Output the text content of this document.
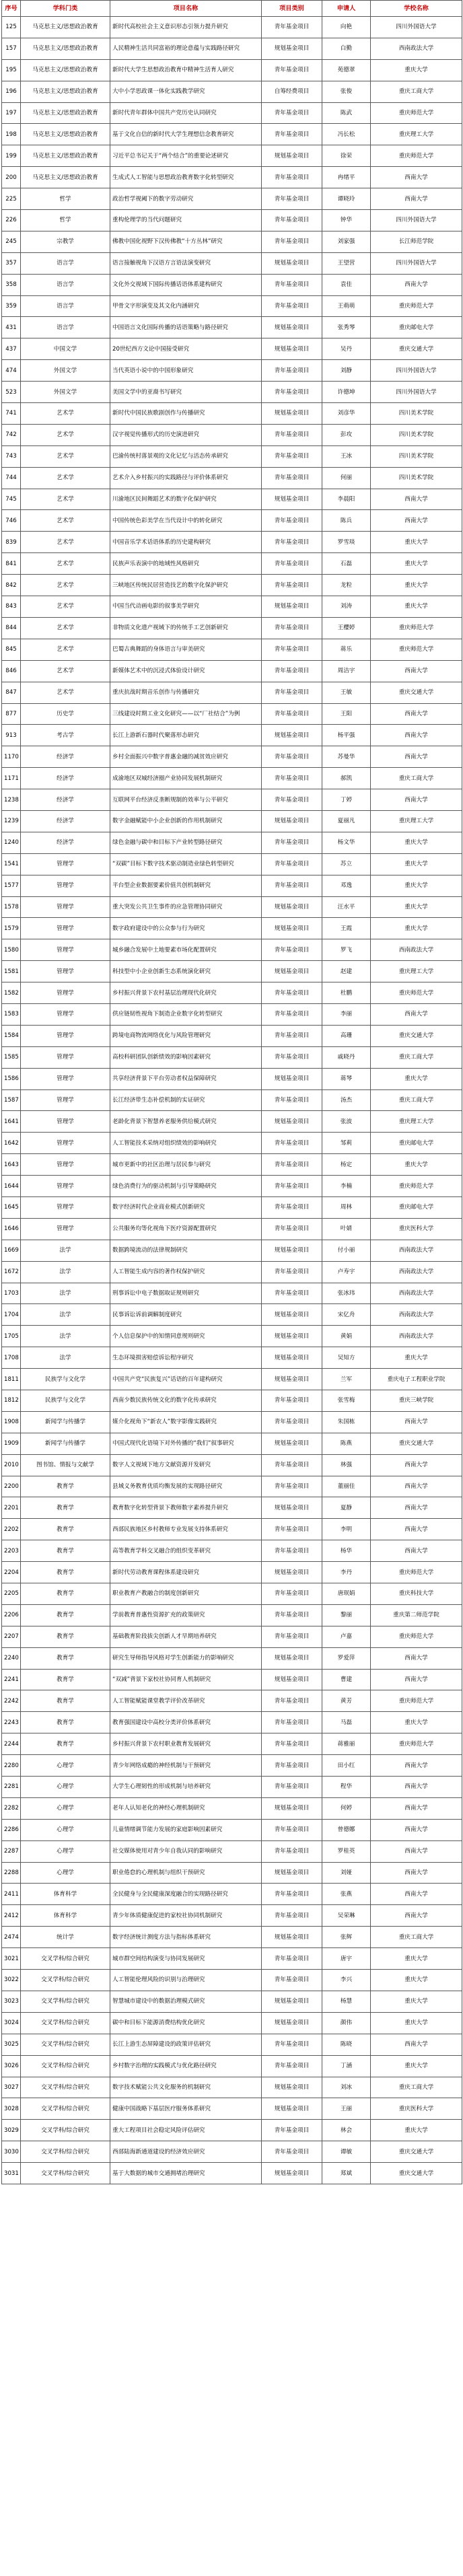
序号	学科门类	项目名称	项目类别	申请人	学校名称
125	马克思主义/思想政治教育	新时代高校社会主义意识形态引领力提升研究	青年基金项目	向艳	四川外国语大学
157	马克思主义/思想政治教育	人民精神生活共同富裕的理论意蕴与实践路径研究	规划基金项目	白勤	西南政法大学
195	马克思主义/思想政治教育	新时代大学生思想政治教育中精神生活育人研究	青年基金项目	苑德翠	重庆大学
196	马克思主义/思想政治教育	大中小学思政课一体化实践教学研究	自筹经费项目	张俊	重庆工商大学
197	马克思主义/思想政治教育	新时代青年群体中国共产党历史认同研究	青年基金项目	陈武	重庆师范大学
198	马克思主义/思想政治教育	基于文化自信的新时代大学生理想信念教育研究	青年基金项目	冯长松	重庆理工大学
199	马克思主义/思想政治教育	习近平总书记关于“两个结合”的重要论述研究	规划基金项目	徐荣	重庆师范大学
200	马克思主义/思想政治教育	生成式人工智能与思想政治教育数字化转型研究	青年基金项目	冉绪平	西南大学
225	哲学	政治哲学视阈下的数字劳动研究	青年基金项目	谭晓玲	西南大学
226	哲学	重构伦理学的当代问题研究	青年基金项目	钟华	四川外国语大学
245	宗教学	佛教中国化视野下汉传佛教“十方丛林”研究	青年基金项目	刘家强	长江师范学院
357	语言学	语言接触视角下汉语方言语法演变研究	规划基金项目	王望营	四川外国语大学
358	语言学	文化外交视域下国际传播话语体系建构研究	青年基金项目	袁佳	西南大学
359	语言学	甲骨文字形演变及其文化内涵研究	青年基金项目	王萌萌	重庆师范大学
431	语言学	中国语言文化国际传播的话语策略与路径研究	规划基金项目	张秀琴	重庆邮电大学
437	中国文学	20世纪西方文论中国接受研究	规划基金项目	吴丹	重庆交通大学
474	外国文学	当代英语小说中的中国形象研究	青年基金项目	刘静	四川外国语大学
523	外国文学	美国文学中的亚裔书写研究	青年基金项目	许德坤	四川外国语大学
741	艺术学	新时代中国民族歌剧创作与传播研究	规划基金项目	刘彦华	四川美术学院
742	艺术学	汉字视觉传播形式的历史演进研究	青年基金项目	彭攻	四川美术学院
743	艺术学	巴渝传统村落景观的文化记忆与活态传承研究	青年基金项目	王冰	四川美术学院
744	艺术学	艺术介入乡村振兴的实践路径与评价体系研究	青年基金项目	何丽	四川美术学院
745	艺术学	川渝地区民间舞蹈艺术的数字化保护研究	规划基金项目	李晨阳	西南大学
746	艺术学	中国传统色彩美学在当代设计中的转化研究	青年基金项目	陈兵	西南大学
839	艺术学	中国音乐学术话语体系的历史建构研究	青年基金项目	罗雪琰	重庆大学
841	艺术学	民族声乐表演中的地域性风格研究	青年基金项目	石磊	重庆大学
842	艺术学	三峡地区传统民居营造技艺的数字化保护研究	青年基金项目	龙粒	重庆大学
843	艺术学	中国当代动画电影的叙事美学研究	规划基金项目	刘涛	重庆大学
844	艺术学	非物质文化遗产视域下的传统手工艺创新研究	青年基金项目	王樱婷	重庆师范大学
845	艺术学	巴蜀古典舞蹈的身体语言与审美研究	青年基金项目	蒋乐	重庆师范大学
846	艺术学	新媒体艺术中的沉浸式体验设计研究	青年基金项目	周洁宇	西南大学
847	艺术学	重庆抗战时期音乐创作与传播研究	青年基金项目	王敏	重庆交通大学
877	历史学	三线建设时期工业文化研究——以“厂社结合”为例	青年基金项目	王阳	西南大学
913	考古学	长江上游新石器时代聚落形态研究	规划基金项目	杨平强	西南大学
1170	经济学	乡村全面振兴中数字普惠金融的减贫效应研究	青年基金项目	苏曼华	西南大学
1171	经济学	成渝地区双城经济圈产业协同发展机制研究	青年基金项目	郝凯	重庆工商大学
1238	经济学	互联网平台经济反垄断规制的效率与公平研究	青年基金项目	丁婷	西南大学
1239	经济学	数字金融赋能中小企业创新的作用机制研究	规划基金项目	夏丽凡	重庆理工大学
1240	经济学	绿色金融与碳中和目标下产业转型路径研究	青年基金项目	杨文华	重庆大学
1541	管理学	“双碳”目标下数字技术驱动制造业绿色转型研究	青年基金项目	苏立	重庆大学
1577	管理学	平台型企业数据要素价值共创机制研究	青年基金项目	邓逸	重庆大学
1578	管理学	重大突发公共卫生事件的应急管理协同研究	规划基金项目	汪水平	重庆大学
1579	管理学	数字政府建设中的公众参与行为研究	规划基金项目	王霞	重庆大学
1580	管理学	城乡融合发展中土地要素市场化配置研究	青年基金项目	罗飞	西南政法大学
1581	管理学	科技型中小企业创新生态系统演化研究	规划基金项目	赵建	重庆理工大学
1582	管理学	乡村振兴背景下农村基层治理现代化研究	青年基金项目	杜鹏	重庆师范大学
1583	管理学	供应链韧性视角下制造企业数字化转型研究	青年基金项目	李丽	西南大学
1584	管理学	跨境电商物流网络优化与风险管理研究	青年基金项目	高珊	重庆交通大学
1585	管理学	高校科研团队创新绩效的影响因素研究	青年基金项目	戚晓丹	重庆工商大学
1586	管理学	共享经济背景下平台劳动者权益保障研究	规划基金项目	蒋琴	重庆大学
1587	管理学	长江经济带生态补偿机制的实证研究	青年基金项目	汤杰	重庆工商大学
1641	管理学	老龄化背景下智慧养老服务供给模式研究	规划基金项目	张波	重庆理工大学
1642	管理学	人工智能技术采纳对组织绩效的影响研究	青年基金项目	邹莉	重庆邮电大学
1643	管理学	城市更新中的社区治理与居民参与研究	青年基金项目	杨定	重庆大学
1644	管理学	绿色消费行为的驱动机制与引导策略研究	青年基金项目	李楠	重庆师范大学
1645	管理学	数字经济时代企业商业模式创新研究	青年基金项目	周林	重庆邮电大学
1646	管理学	公共服务均等化视角下医疗资源配置研究	青年基金项目	叶婧	重庆医科大学
1669	法学	数据跨境流动的法律规制研究	规划基金项目	付小丽	西南政法大学
1672	法学	人工智能生成内容的著作权保护研究	青年基金项目	卢寿宇	西南政法大学
1703	法学	刑事诉讼中电子数据取证规则研究	青年基金项目	张冰玮	西南政法大学
1704	法学	民事诉讼诉前调解制度研究	规划基金项目	宋亿舟	西南政法大学
1705	法学	个人信息保护中的知情同意规则研究	规划基金项目	黄娟	西南政法大学
1708	法学	生态环境损害赔偿诉讼程序研究	规划基金项目	吴知方	重庆大学
1811	民族学与文化学	中国共产党“民族复兴”话语的百年建构研究	规划基金项目	兰军	重庆电子工程职业学院
1812	民族学与文化学	西南少数民族传统文化的数字化传承研究	青年基金项目	张雪梅	重庆三峡学院
1908	新闻学与传播学	媒介化视角下“新农人”数字影像实践研究	青年基金项目	朱国栋	西南大学
1909	新闻学与传播学	中国式现代化语境下对外传播的“我们”叙事研究	规划基金项目	陈燕	重庆交通大学
2010	图书馆、情报与文献学	数字人文视域下地方文献资源开发研究	青年基金项目	林强	西南大学
2200	教育学	县域义务教育优质均衡发展的实现路径研究	青年基金项目	董丽佳	西南大学
2201	教育学	教育数字化转型背景下教师数字素养提升研究	规划基金项目	夏静	西南大学
2202	教育学	西部民族地区乡村教师专业发展支持体系研究	青年基金项目	李明	西南大学
2203	教育学	高等教育学科交叉融合的组织变革研究	青年基金项目	杨华	西南大学
2204	教育学	新时代劳动教育课程体系建设研究	规划基金项目	李丹	重庆师范大学
2205	教育学	职业教育产教融合的制度创新研究	青年基金项目	唐珉娟	重庆科技大学
2206	教育学	学前教育普惠性资源扩充的政策研究	青年基金项目	黎丽	重庆第二师范学院
2207	教育学	基础教育阶段拔尖创新人才早期培养研究	青年基金项目	卢嘉	重庆师范大学
2240	教育学	研究生导师指导风格对学生创新能力的影响研究	规划基金项目	罗爱萍	西南大学
2241	教育学	“双减”背景下家校社协同育人机制研究	规划基金项目	曹建	西南大学
2242	教育学	人工智能赋能课堂教学评价改革研究	青年基金项目	黄芳	重庆师范大学
2243	教育学	教育强国建设中高校分类评价体系研究	青年基金项目	马磊	重庆大学
2244	教育学	乡村振兴背景下农村职业教育发展研究	青年基金项目	蒋雅丽	重庆师范大学
2280	心理学	青少年网络成瘾的神经机制与干预研究	青年基金项目	田小红	西南大学
2281	心理学	大学生心理韧性的形成机制与培养研究	青年基金项目	程华	西南大学
2282	心理学	老年人认知老化的神经心理机制研究	规划基金项目	何婷	西南大学
2286	心理学	儿童情绪调节能力发展的家庭影响因素研究	青年基金项目	曾德娜	西南大学
2287	心理学	社交媒体使用对青少年自我认同的影响研究	青年基金项目	罗桂英	西南大学
2288	心理学	职业倦怠的心理机制与组织干预研究	规划基金项目	刘娅	西南大学
2411	体育科学	全民健身与全民健康深度融合的实现路径研究	青年基金项目	张燕	西南大学
2412	体育科学	青少年体质健康促进的家校社协同机制研究	青年基金项目	吴荣琳	西南大学
2474	统计学	数字经济统计测度方法与指标体系研究	规划基金项目	张辉	重庆工商大学
3021	交叉学科/综合研究	城市群空间结构演变与协同发展研究	青年基金项目	唐宇	重庆大学
3022	交叉学科/综合研究	人工智能伦理风险的识别与治理研究	青年基金项目	李兴	重庆大学
3023	交叉学科/综合研究	智慧城市建设中的数据治理模式研究	规划基金项目	杨慧	重庆大学
3024	交叉学科/综合研究	碳中和目标下能源消费结构优化研究	规划基金项目	颜伟	重庆大学
3025	交叉学科/综合研究	长江上游生态屏障建设的政策评估研究	青年基金项目	陈晓	西南大学
3026	交叉学科/综合研究	乡村数字治理的实践模式与优化路径研究	青年基金项目	丁涵	重庆大学
3027	交叉学科/综合研究	数字技术赋能公共文化服务的机制研究	规划基金项目	刘冰	重庆工商大学
3028	交叉学科/综合研究	健康中国战略下基层医疗服务体系研究	规划基金项目	王丽	重庆医科大学
3029	交叉学科/综合研究	重大工程项目社会稳定风险评估研究	青年基金项目	林会	重庆大学
3030	交叉学科/综合研究	西部陆海新通道建设的经济效应研究	青年基金项目	谭敏	重庆交通大学
3031	交叉学科/综合研究	基于大数据的城市交通拥堵治理研究	规划基金项目	郑斌	重庆交通大学
